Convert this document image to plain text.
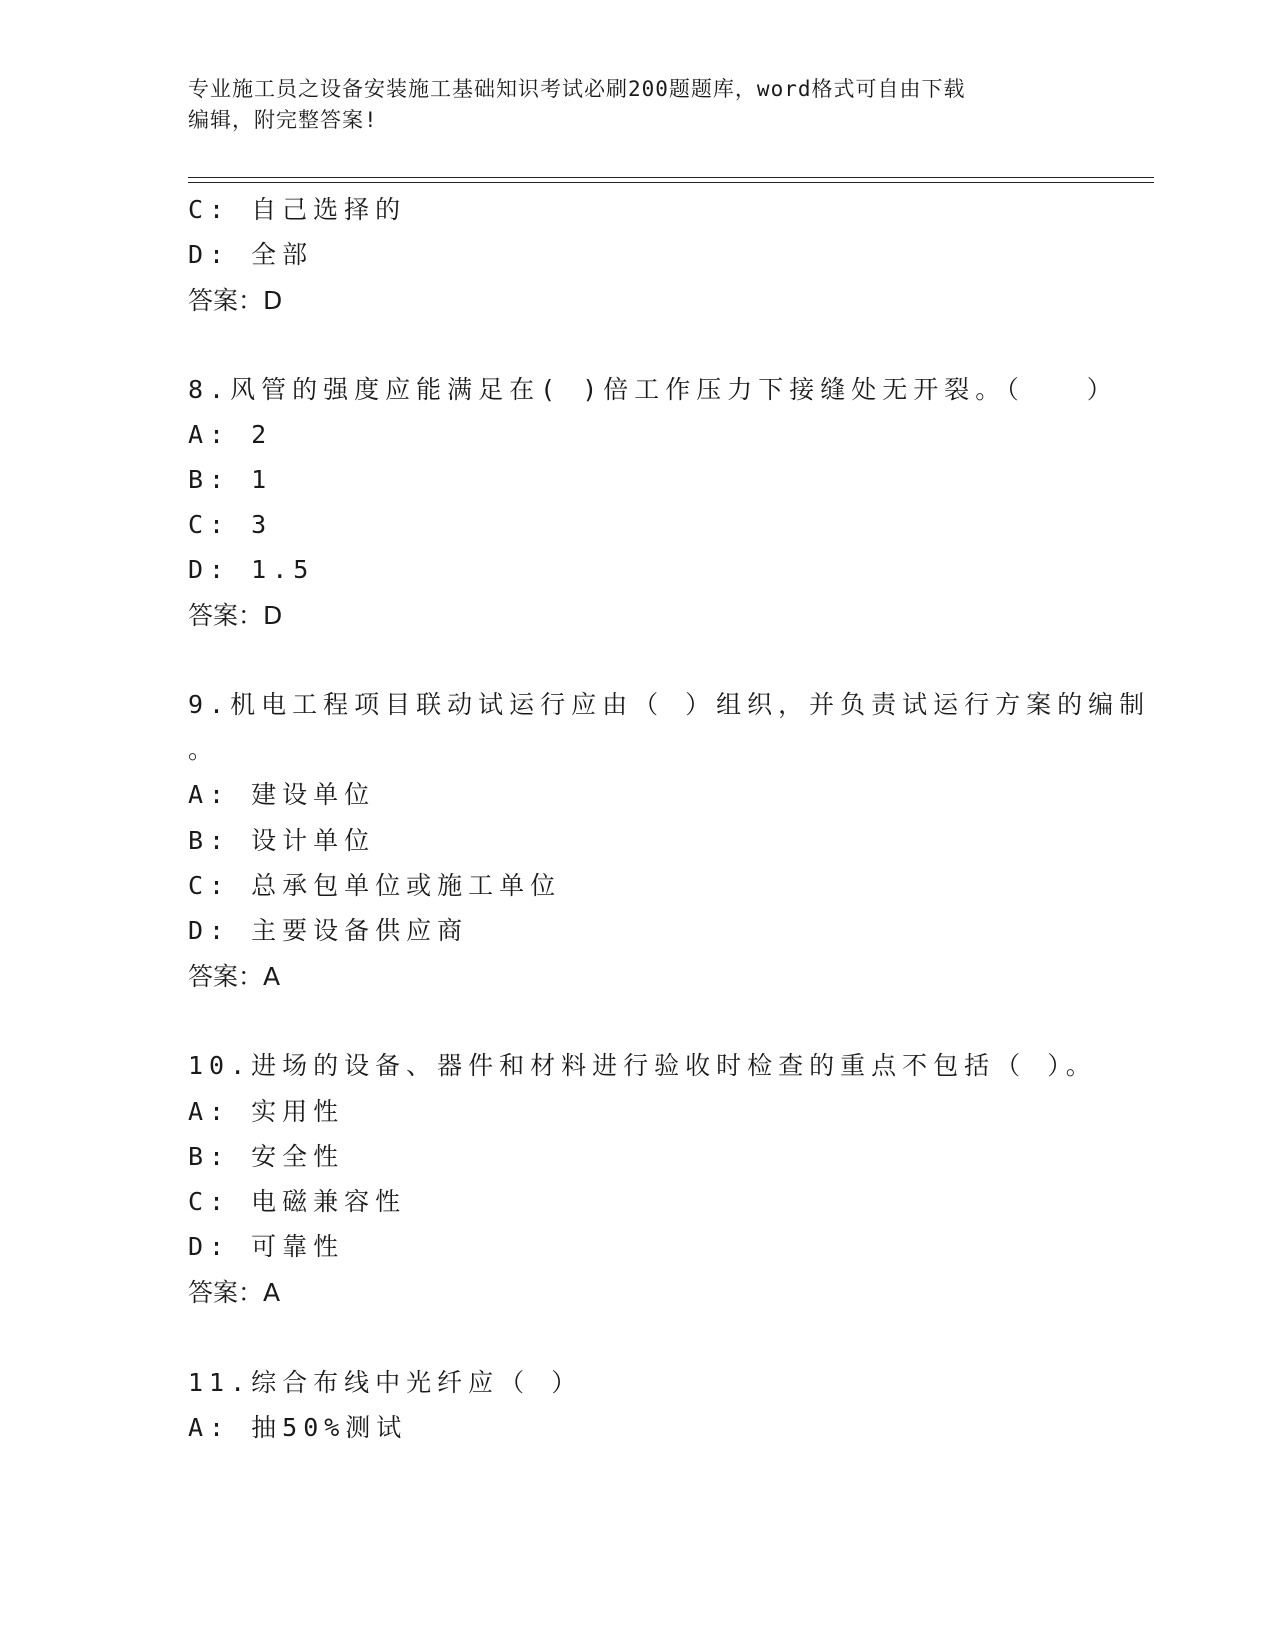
专业施工员之设备安装施工基础知识考试必刷200题题库，word格式可自由下载
编辑，附完整答案!
C: 自己选择的
D: 全部
答案：D
8.风管的强度应能满足在( )倍工作压力下接缝处无开裂。（　　）
A: 2
B: 1
C: 3
D: 1.5
答案：D
9.机电工程项目联动试运行应由（ ）组织，并负责试运行方案的编制
。
A: 建设单位
B: 设计单位
C: 总承包单位或施工单位
D: 主要设备供应商
答案：A
10.进场的设备、器件和材料进行验收时检查的重点不包括（ ）。
A: 实用性
B: 安全性
C: 电磁兼容性
D: 可靠性
答案：A
11.综合布线中光纤应（ ）
A: 抽50%测试
